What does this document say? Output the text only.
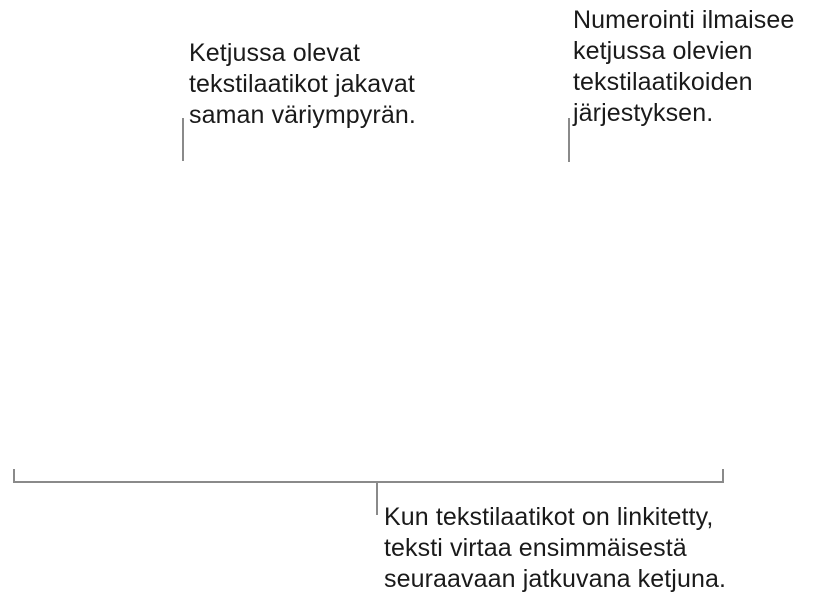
Ketjussa olevat
tekstilaatikot jakavat
saman väriympyrän.
Numerointi ilmaisee
ketjussa olevien
tekstilaatikoiden
järjestyksen.
Kun tekstilaatikot on linkitetty,
teksti virtaa ensimmäisestä
seuraavaan jatkuvana ketjuna.
